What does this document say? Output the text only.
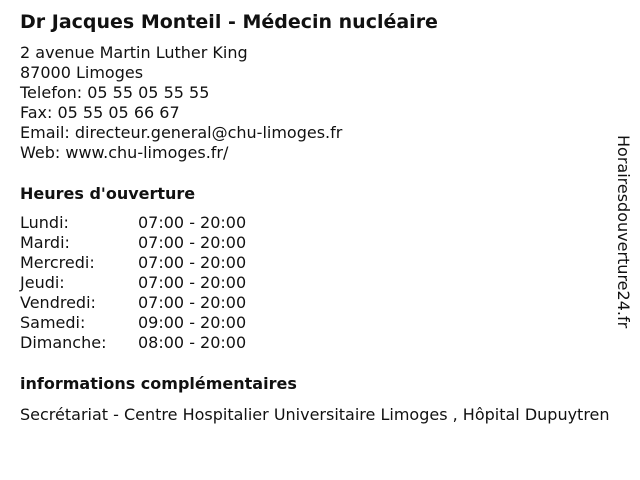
Dr Jacques Monteil - Médecin nucléaire
2 avenue Martin Luther King
87000 Limoges
Telefon: 05 55 05 55 55
Fax: 05 55 05 66 67
Email: directeur.general@chu-limoges.fr
Web: www.chu-limoges.fr/
Heures d'ouverture
Lundi:	07:00 - 20:00
Mardi:	07:00 - 20:00
Mercredi:	07:00 - 20:00
Jeudi:	07:00 - 20:00
Vendredi:	07:00 - 20:00
Samedi:	09:00 - 20:00
Dimanche:	08:00 - 20:00
informations complémentaires
Secrétariat - Centre Hospitalier Universitaire Limoges , Hôpital Dupuytren
Horairesdouverture24.fr
